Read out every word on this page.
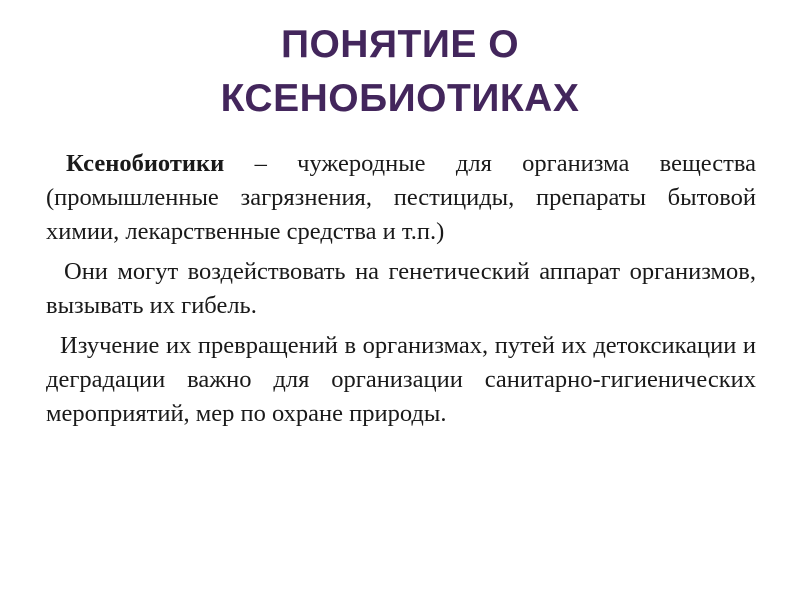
ПОНЯТИЕ О
КСЕНОБИОТИКАХ

Ксенобиотики – чужеродные для организма вещества (промышленные загрязнения, пестициды, препараты бытовой химии, лекарственные средства и т.п.)

Они могут воздействовать на генетический аппарат организмов, вызывать их гибель.

Изучение их превращений в организмах, путей их детоксикации и деградации важно для организации санитарно-гигиенических мероприятий, мер по охране природы.
